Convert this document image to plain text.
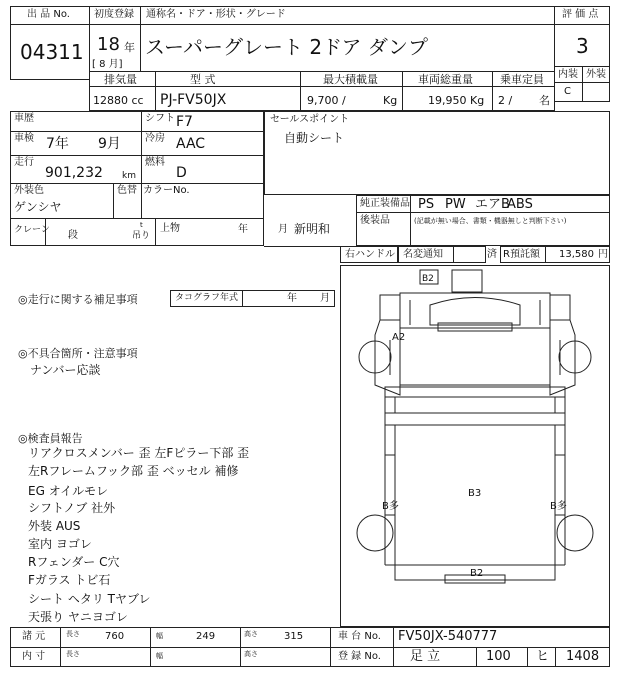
出 品 No.
04311
初度登録 通称名・ドア・形状・グレード
18 年
[ 8 月]
スーパーグレート 2ドア ダンプ
評 価 点
3
内装 外装
C
排気量	型 式	最大積載量	車両総重量 乗車定員
12880 cc PJ-FV50JX	9,700 /	Kg	19,950 Kg 2 / 名
車歴	シフト F7
車検 7年 9月 冷房 AAC
走行
901,232 km
燃料
D
外装色
ゲンシヤ
色替 カラーNo.
クレーン 段
t
吊り
上物	年
セールスポイント
自動シート
純正装備品 PS PW エアB
ABS
後装品	(記載が無い場合、書類・機器無しと判断下さい)
月 新明和
右ハンドル 名変通知	済 R預託額 13,580 円
◎走行に関する補足事項	タコグラフ年式	年 月
◎不具合箇所・注意事項
ナンバー応談
◎検査員報告
リアクロスメンバー 歪 左Fピラー下部 歪
左Rフレームフック部 歪 ベッセル 補修
EG オイルモレ
シフトノブ 社外
外装 AUS
室内 ヨゴレ
Rフェンダー C穴
Fガラス トビ石
シート ヘタリ Tヤブレ
天張り ヤニヨゴレ
B2
A2
B多	B多
B3
B2
諸 元	長さ	760	幅	249	高さ	315	車 台 No. FV50JX-540777
内 寸	長さ	幅	高さ	登 録 No. 足 立	100 ヒ 1408
